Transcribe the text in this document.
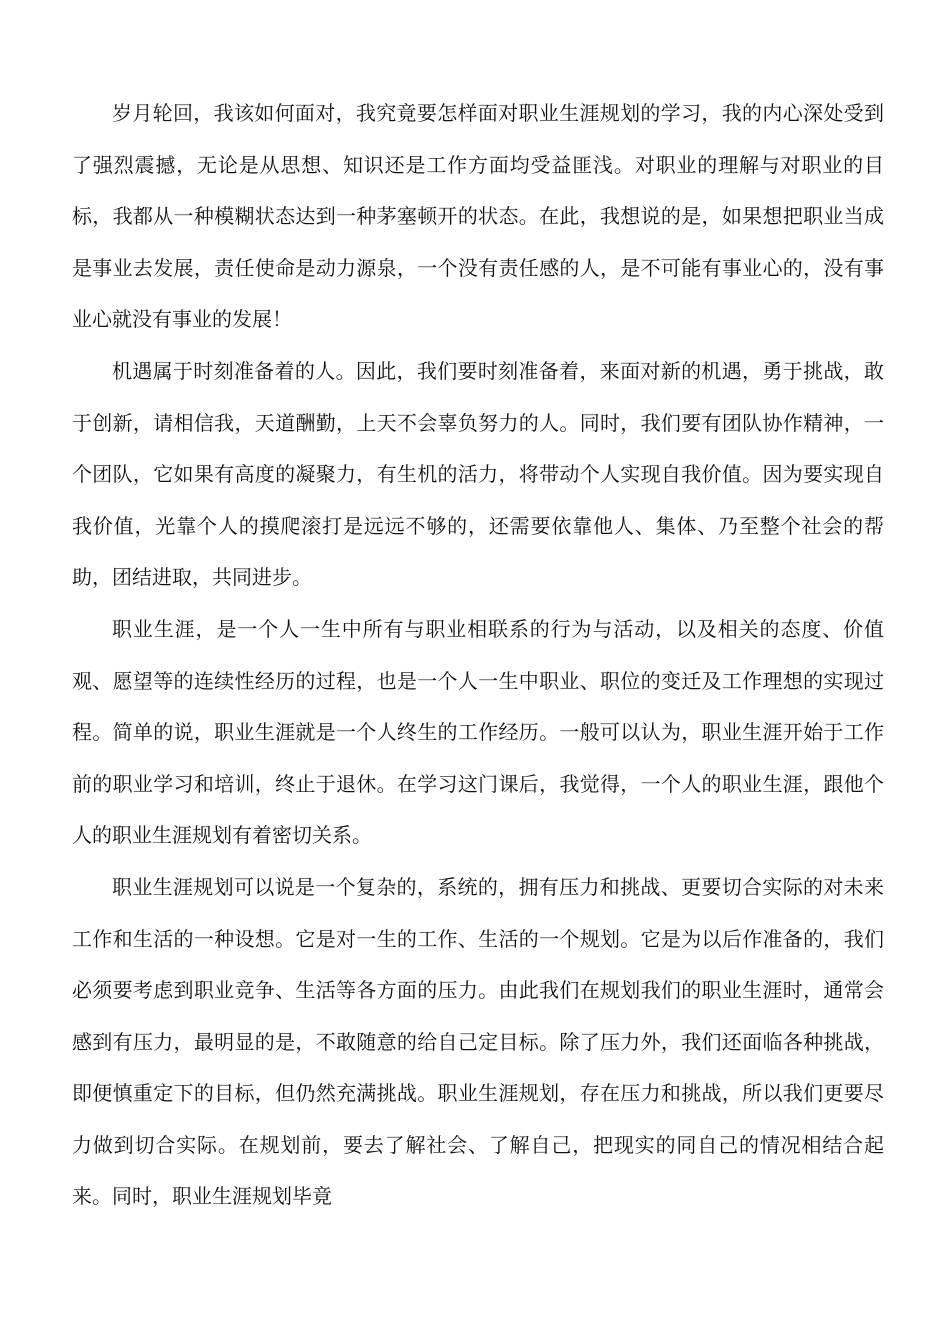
岁月轮回，我该如何面对，我究竟要怎样面对职业生涯规划的学习，我的内心深处受到了强烈震撼，无论是从思想、知识还是工作方面均受益匪浅。对职业的理解与对职业的目标，我都从一种模糊状态达到一种茅塞顿开的状态。在此，我想说的是，如果想把职业当成是事业去发展，责任使命是动力源泉，一个没有责任感的人，是不可能有事业心的，没有事业心就没有事业的发展！

机遇属于时刻准备着的人。因此，我们要时刻准备着，来面对新的机遇，勇于挑战，敢于创新，请相信我，天道酬勤，上天不会辜负努力的人。同时，我们要有团队协作精神，一个团队，它如果有高度的凝聚力，有生机的活力，将带动个人实现自我价值。因为要实现自我价值，光靠个人的摸爬滚打是远远不够的，还需要依靠他人、集体、乃至整个社会的帮助，团结进取，共同进步。

职业生涯，是一个人一生中所有与职业相联系的行为与活动，以及相关的态度、价值观、愿望等的连续性经历的过程，也是一个人一生中职业、职位的变迁及工作理想的实现过程。简单的说，职业生涯就是一个人终生的工作经历。一般可以认为，职业生涯开始于工作前的职业学习和培训，终止于退休。在学习这门课后，我觉得，一个人的职业生涯，跟他个人的职业生涯规划有着密切关系。

职业生涯规划可以说是一个复杂的，系统的，拥有压力和挑战、更要切合实际的对未来工作和生活的一种设想。它是对一生的工作、生活的一个规划。它是为以后作准备的，我们必须要考虑到职业竞争、生活等各方面的压力。由此我们在规划我们的职业生涯时，通常会感到有压力，最明显的是，不敢随意的给自己定目标。除了压力外，我们还面临各种挑战，即便慎重定下的目标，但仍然充满挑战。职业生涯规划，存在压力和挑战，所以我们更要尽力做到切合实际。在规划前，要去了解社会、了解自己，把现实的同自己的情况相结合起来。同时，职业生涯规划毕竟
